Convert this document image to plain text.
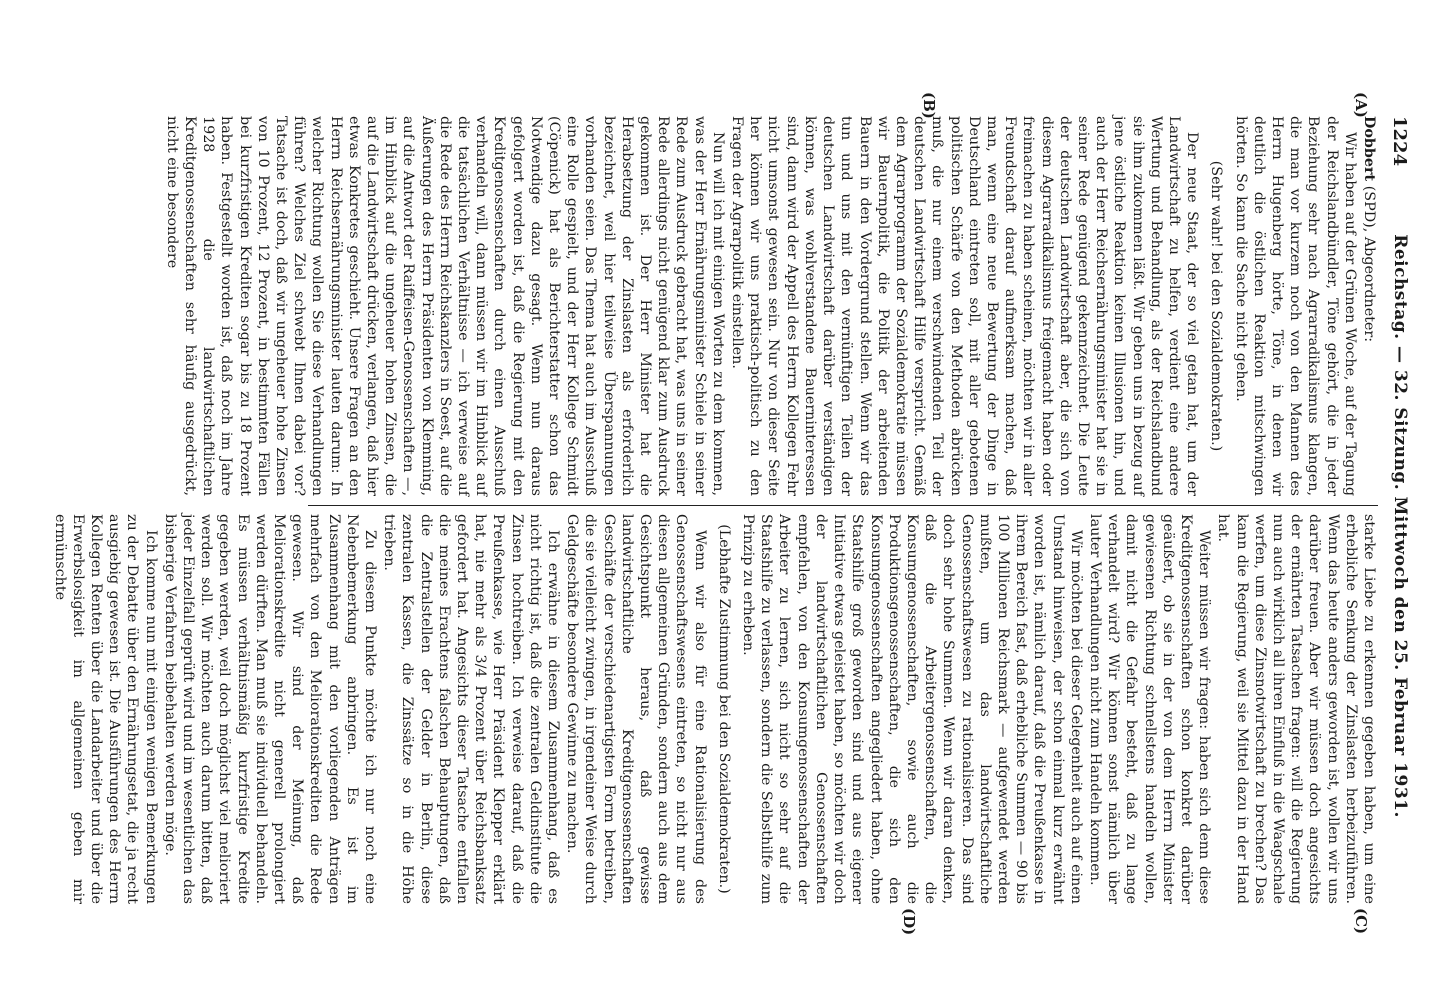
1224
Reichstag. — 32. Sitzung. Mittwoch den 25. Februar 1931.
(A)
(B)
(C)
(D)

Dobbert (SPD), Abgeordneter:

Wir haben auf der Grünen Woche, auf der Tagung der Reichslandbündler, Töne gehört, die in jeder Beziehung sehr nach Agrarradikalismus klangen, die man vor kurzem noch von den Mannen des Herrn Hugenberg hörte, Töne, in denen wir deutlich die östlichen Reaktion mitschwingen hörten. So kann die Sache nicht gehen.

(Sehr wahr! bei den Sozialdemokraten.)

Der neue Staat, der so viel getan hat, um der Landwirtschaft zu helfen, verdient eine andere Wertung und Behandlung, als der Reichslandbund sie ihm zukommen läßt. Wir geben uns in bezug auf jene östliche Reaktion keinen Illusionen hin, und auch der Herr Reichsernährungsminister hat sie in seiner Rede genügend gekennzeichnet. Die Leute der deutschen Landwirtschaft aber, die sich von diesem Agrarradikalismus freigemacht haben oder freimachen zu haben scheinen, möchten wir in aller Freundschaft darauf aufmerksam machen, daß man, wenn eine neue Bewertung der Dinge in Deutschland eintreten soll, mit aller gebotenen politischen Schärfe von den Methoden abrücken muß, die nur einem verschwindenden Teil der deutschen Landwirtschaft Hilfe verspricht. Gemäß dem Agrarprogramm der Sozialdemokratie müssen wir Bauernpolitik, die Politik der arbeitenden Bauern in den Vordergrund stellen. Wenn wir das tun und uns mit den vernünftigen Teilen der deutschen Landwirtschaft darüber verständigen können, was wohlverstandene Bauerninteressen sind, dann wird der Appell des Herrn Kollegen Fehr nicht umsonst gewesen sein. Nur von dieser Seite her können wir uns praktisch-politisch zu den Fragen der Agrarpolitik einstellen.

Nun will ich mit einigen Worten zu dem kommen, was der Herr Ernährungsminister Schiele in seiner Rede zum Ausdruck gebracht hat, was uns in seiner Rede allerdings nicht genügend klar zum Ausdruck gekommen ist. Der Herr Minister hat die Herabsetzung der Zinslasten als erforderlich bezeichnet, weil hier teilweise Überspannungen vorhanden seien. Das Thema hat auch im Ausschuß eine Rolle gespielt, und der Herr Kollege Schmidt (Cöpenick) hat als Berichterstatter schon das Notwendige dazu gesagt. Wenn nun daraus gefolgert worden ist, daß die Regierung mit den Kreditgenossenschaften durch einen Ausschuß verhandeln will, dann müssen wir im Hinblick auf die tatsächlichen Verhältnisse — ich verweise auf die Rede des Herrn Reichskanzlers in Soest, auf die Äußerungen des Herrn Präsidenten von Klemming, auf die Antwort der Raiffeisen-Genossenschaften —, im Hinblick auf die ungeheuer hohen Zinsen, die auf die Landwirtschaft drücken, verlangen, daß hier etwas Konkretes geschieht. Unsere Fragen an den Herrn Reichsernährungsminister lauten darum: In welcher Richtung wollen Sie diese Verhandlungen führen? Welches Ziel schwebt Ihnen dabei vor? Tatsache ist doch, daß wir ungeheuer hohe Zinsen von 10 Prozent, 12 Prozent, in bestimmten Fällen bei kurzfristigen Krediten sogar bis zu 18 Prozent haben. Festgestellt worden ist, daß noch im Jahre 1928 die landwirtschaftlichen Kreditgenossenschaften sehr häufig ausgedrückt, nicht eine besondere

starke Liebe zu erkennen gegeben haben, um eine erhebliche Senkung der Zinslasten herbeizuführen. Wenn das heute anders geworden ist, wollen wir uns darüber freuen. Aber wir müssen doch angesichts der ernährten Tatsachen fragen: will die Regierung nun auch wirklich all ihren Einfluß in die Waagschale werfen, um diese Zinsnotwirtschaft zu brechen? Das kann die Regierung, weil sie Mittel dazu in der Hand hat.

Weiter müssen wir fragen: haben sich denn diese Kreditgenossenschaften schon konkret darüber geäußert, ob sie in der von dem Herrn Minister gewiesenen Richtung schnellstens handeln wollen, damit nicht die Gefahr besteht, daß zu lange verhandelt wird? Wir können sonst nämlich über lauter Verhandlungen nicht zum Handeln kommen.

Wir möchten bei dieser Gelegenheit auch auf einen Umstand hinweisen, der schon einmal kurz erwähnt worden ist, nämlich darauf, daß die Preußenkasse in ihrem Bereich fast, daß erhebliche Summen — 90 bis 100 Millionen Reichsmark — aufgewendet werden mußten, um das landwirtschaftliche Genossenschaftswesen zu rationalisieren. Das sind doch sehr hohe Summen. Wenn wir daran denken, daß die Arbeitergenossenschaften, die Konsumgenossenschaften, sowie auch die Produktionsgenossenschaften, die sich den Konsumgenossenschaften angegliedert haben, ohne Staatshilfe groß geworden sind und aus eigener Initiative etwas geleistet haben, so möchten wir doch der landwirtschaftlichen Genossenschaften empfehlen, von den Konsumgenossenschaften der Arbeiter zu lernen, sich nicht so sehr auf die Staatshilfe zu verlassen, sondern die Selbsthilfe zum Prinzip zu erheben.

(Lebhafte Zustimmung bei den Sozialdemokraten.)

Wenn wir also für eine Rationalisierung des Genossenschaftswesens eintreten, so nicht nur aus diesen allgemeinen Gründen, sondern auch aus dem Gesichtspunkt heraus, daß gewisse landwirtschaftliche Kreditgenossenschaften Geschäfte der verschiedenartigsten Form betreiben, die sie vielleicht zwingen, in irgendeiner Weise durch Geldgeschäfte besondere Gewinne zu machen.

Ich erwähne in diesem Zusammenhang, daß es nicht richtig ist, daß die zentralen Geldinstitute die Zinsen hochtreiben. Ich verweise darauf, daß die Preußenkasse, wie Herr Präsident Klepper erklärt hat, nie mehr als 3/4 Prozent über Reichsbanksatz gefordert hat. Angesichts dieser Tatsache entfallen die meines Erachtens falschen Behauptungen, daß die Zentralstellen der Gelder in Berlin, diese zentralen Kassen, die Zinssätze so in die Höhe trieben.

Zu diesem Punkte möchte ich nur noch eine Nebenbemerkung anbringen. Es ist im Zusammenhang mit den vorliegenden Anträgen mehrfach von den Meliorationskrediten die Rede gewesen. Wir sind der Meinung, daß Meliorationskredite nicht generell prolongiert werden dürften. Man muß sie individuell behandeln. Es müssen verhältnismäßig kurzfristige Kredite gegeben werden, weil doch möglichst viel melioriert werden soll. Wir möchten auch darum bitten, daß jeder Einzelfall geprüft wird und im wesentlichen das bisherige Verfahren beibehalten werden möge.

Ich komme nun mit einigen wenigen Bemerkungen zu der Debatte über den Ernährungsetat, die ja recht ausgiebig gewesen ist. Die Ausführungen des Herrn Kollegen Renten über die Landarbeiter und über die Erwerbslosigkeit im allgemeinen geben mir ermünschte
